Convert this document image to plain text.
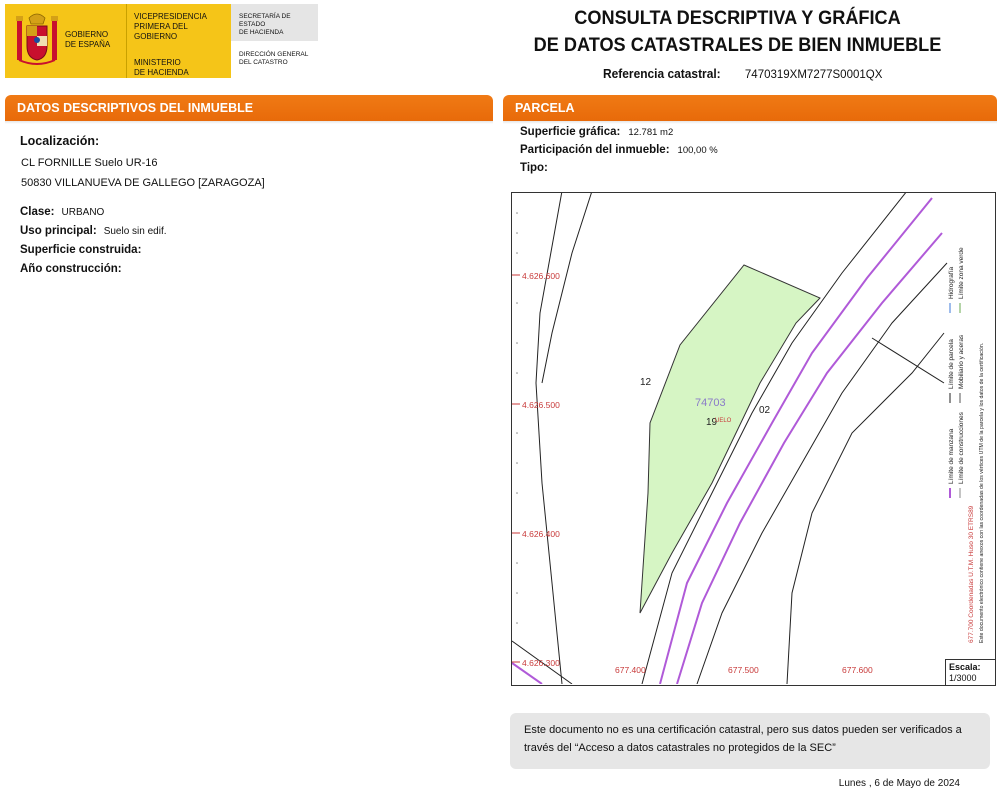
GOBIERNO
DE ESPAÑA
VICEPRESIDENCIA
PRIMERA DEL GOBIERNO
MINISTERIO
DE HACIENDA
SECRETARÍA DE ESTADO
DE HACIENDA
DIRECCIÓN GENERAL
DEL CATASTRO
CONSULTA DESCRIPTIVA Y GRÁFICA
DE DATOS CATASTRALES DE BIEN INMUEBLE
Referencia catastral: 7470319XM7277S0001QX
DATOS DESCRIPTIVOS DEL INMUEBLE	PARCELA
Localización:
CL FORNILLE Suelo UR-16
50830 VILLANUEVA DE GALLEGO [ZARAGOZA]
Clase: URBANO
Uso principal: Suelo sin edif.
Superficie construida:
Año construcción:
Superficie gráfica: 12.781 m2
Participación del inmueble: 100,00 %
Tipo:
4.626.600
4.626.500
4.626.400
4.626.300
677.400	677.500	677.600
12
74703
19
UELO
02
Límite de manzana
Límite de parcela
Límite de construcciones
Mobiliario y aceras
Límite zona verde
Hidrografía
677.700 Coordenadas U.T.M. Huso 30 ETRS89 Este documento electrónico contiene anexos con las coordenadas de los vértices UTM de la parcela y los datos de la certificación.
Escala:
1/3000
Este documento no es una certificación catastral, pero sus datos pueden ser verificados a través del “Acceso a datos catastrales no protegidos de la SEC”
Lunes , 6 de Mayo de 2024
